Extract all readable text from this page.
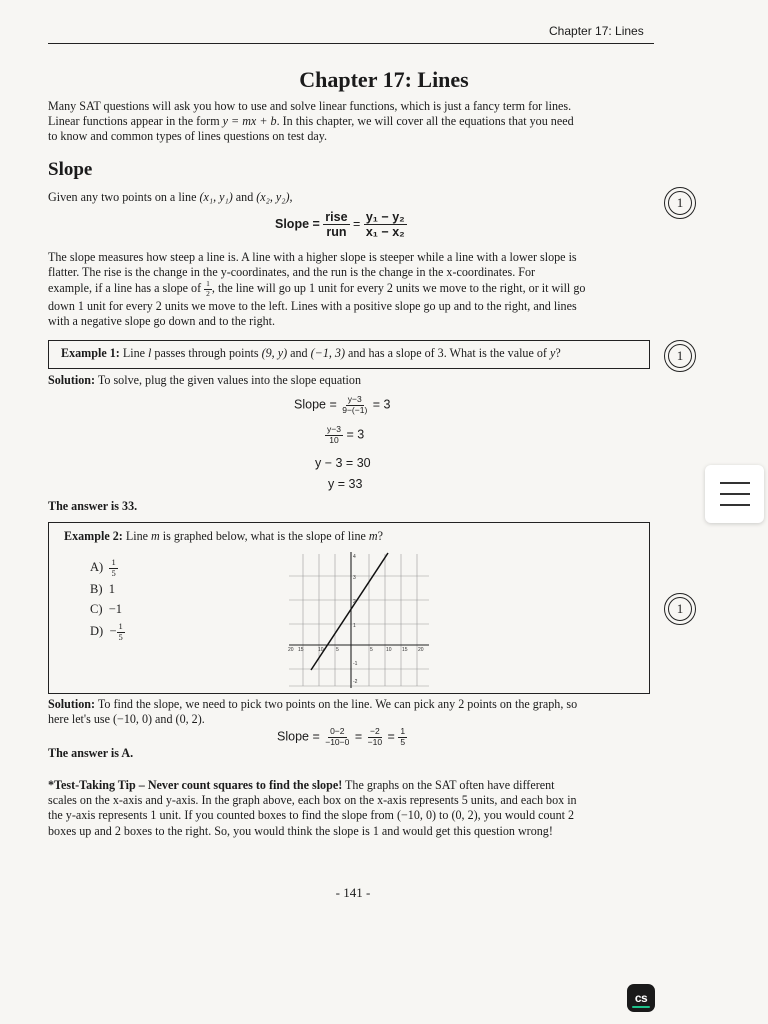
Chapter 17: Lines
Chapter 17: Lines
Many SAT questions will ask you how to use and solve linear functions, which is just a fancy term for lines.
Linear functions appear in the form y = mx + b. In this chapter, we will cover all the equations that you need
to know and common types of lines questions on test day.
Slope
Given any two points on a line (x₁, y₁) and (x₂, y₂),
Slope = $\frac{\text{rise}}{\text{run}} = \frac{\text{y₁ − y₂}}{\text{x₁ − x₂}}$
1
The slope measures how steep a line is. A line with a higher slope is steeper while a line with a lower slope is
flatter. The rise is the change in the y-coordinates, and the run is the change in the x-coordinates. For
example, if a line has a slope of $\frac{1}{2}$ , the line will go up 1 unit for every 2 units we move to the right, or it will go
down 1 unit for every 2 units we move to the left. Lines with a positive slope go up and to the right, and lines
with a negative slope go down and to the right.
Example 1: Line l passes through points (9, y) and (−1, 3) and has a slope of 3. What is the value of y?	1
Solution: To solve, plug the given values into the slope equation
Slope = $\frac{y-3}{9-(-1)} = 3$
$\frac{y-3}{10} = 3$
y − 3 = 30
y = 33
The answer is 33.
Example 2: Line m is graphed below, what is the slope of line m?
$A) \frac{1}{5}$
B) 1
C) −1
$D) - \frac{1}{5}$
20 15	10 5	5	10 15 20
4
3
2
1
-1
-2
1
Solution: To find the slope, we need to pick two points on the line. We can pick any 2 points on the graph, so
here let's use (−10, 0) and (0, 2).
Slope = $\frac{0-2}{-10-0} = \frac{-2}{-10} = \frac{1}{5}$
The answer is A.
*Test-Taking Tip – Never count squares to find the slope! The graphs on the SAT often have different
scales on the x-axis and y-axis. In the graph above, each box on the x-axis represents 5 units, and each box in
the y-axis represents 1 unit. If you counted boxes to find the slope from (−10, 0) to (0, 2), you would count 2
boxes up and 2 boxes to the right. So, you would think the slope is 1 and would get this question wrong!
- 141 -
cs
